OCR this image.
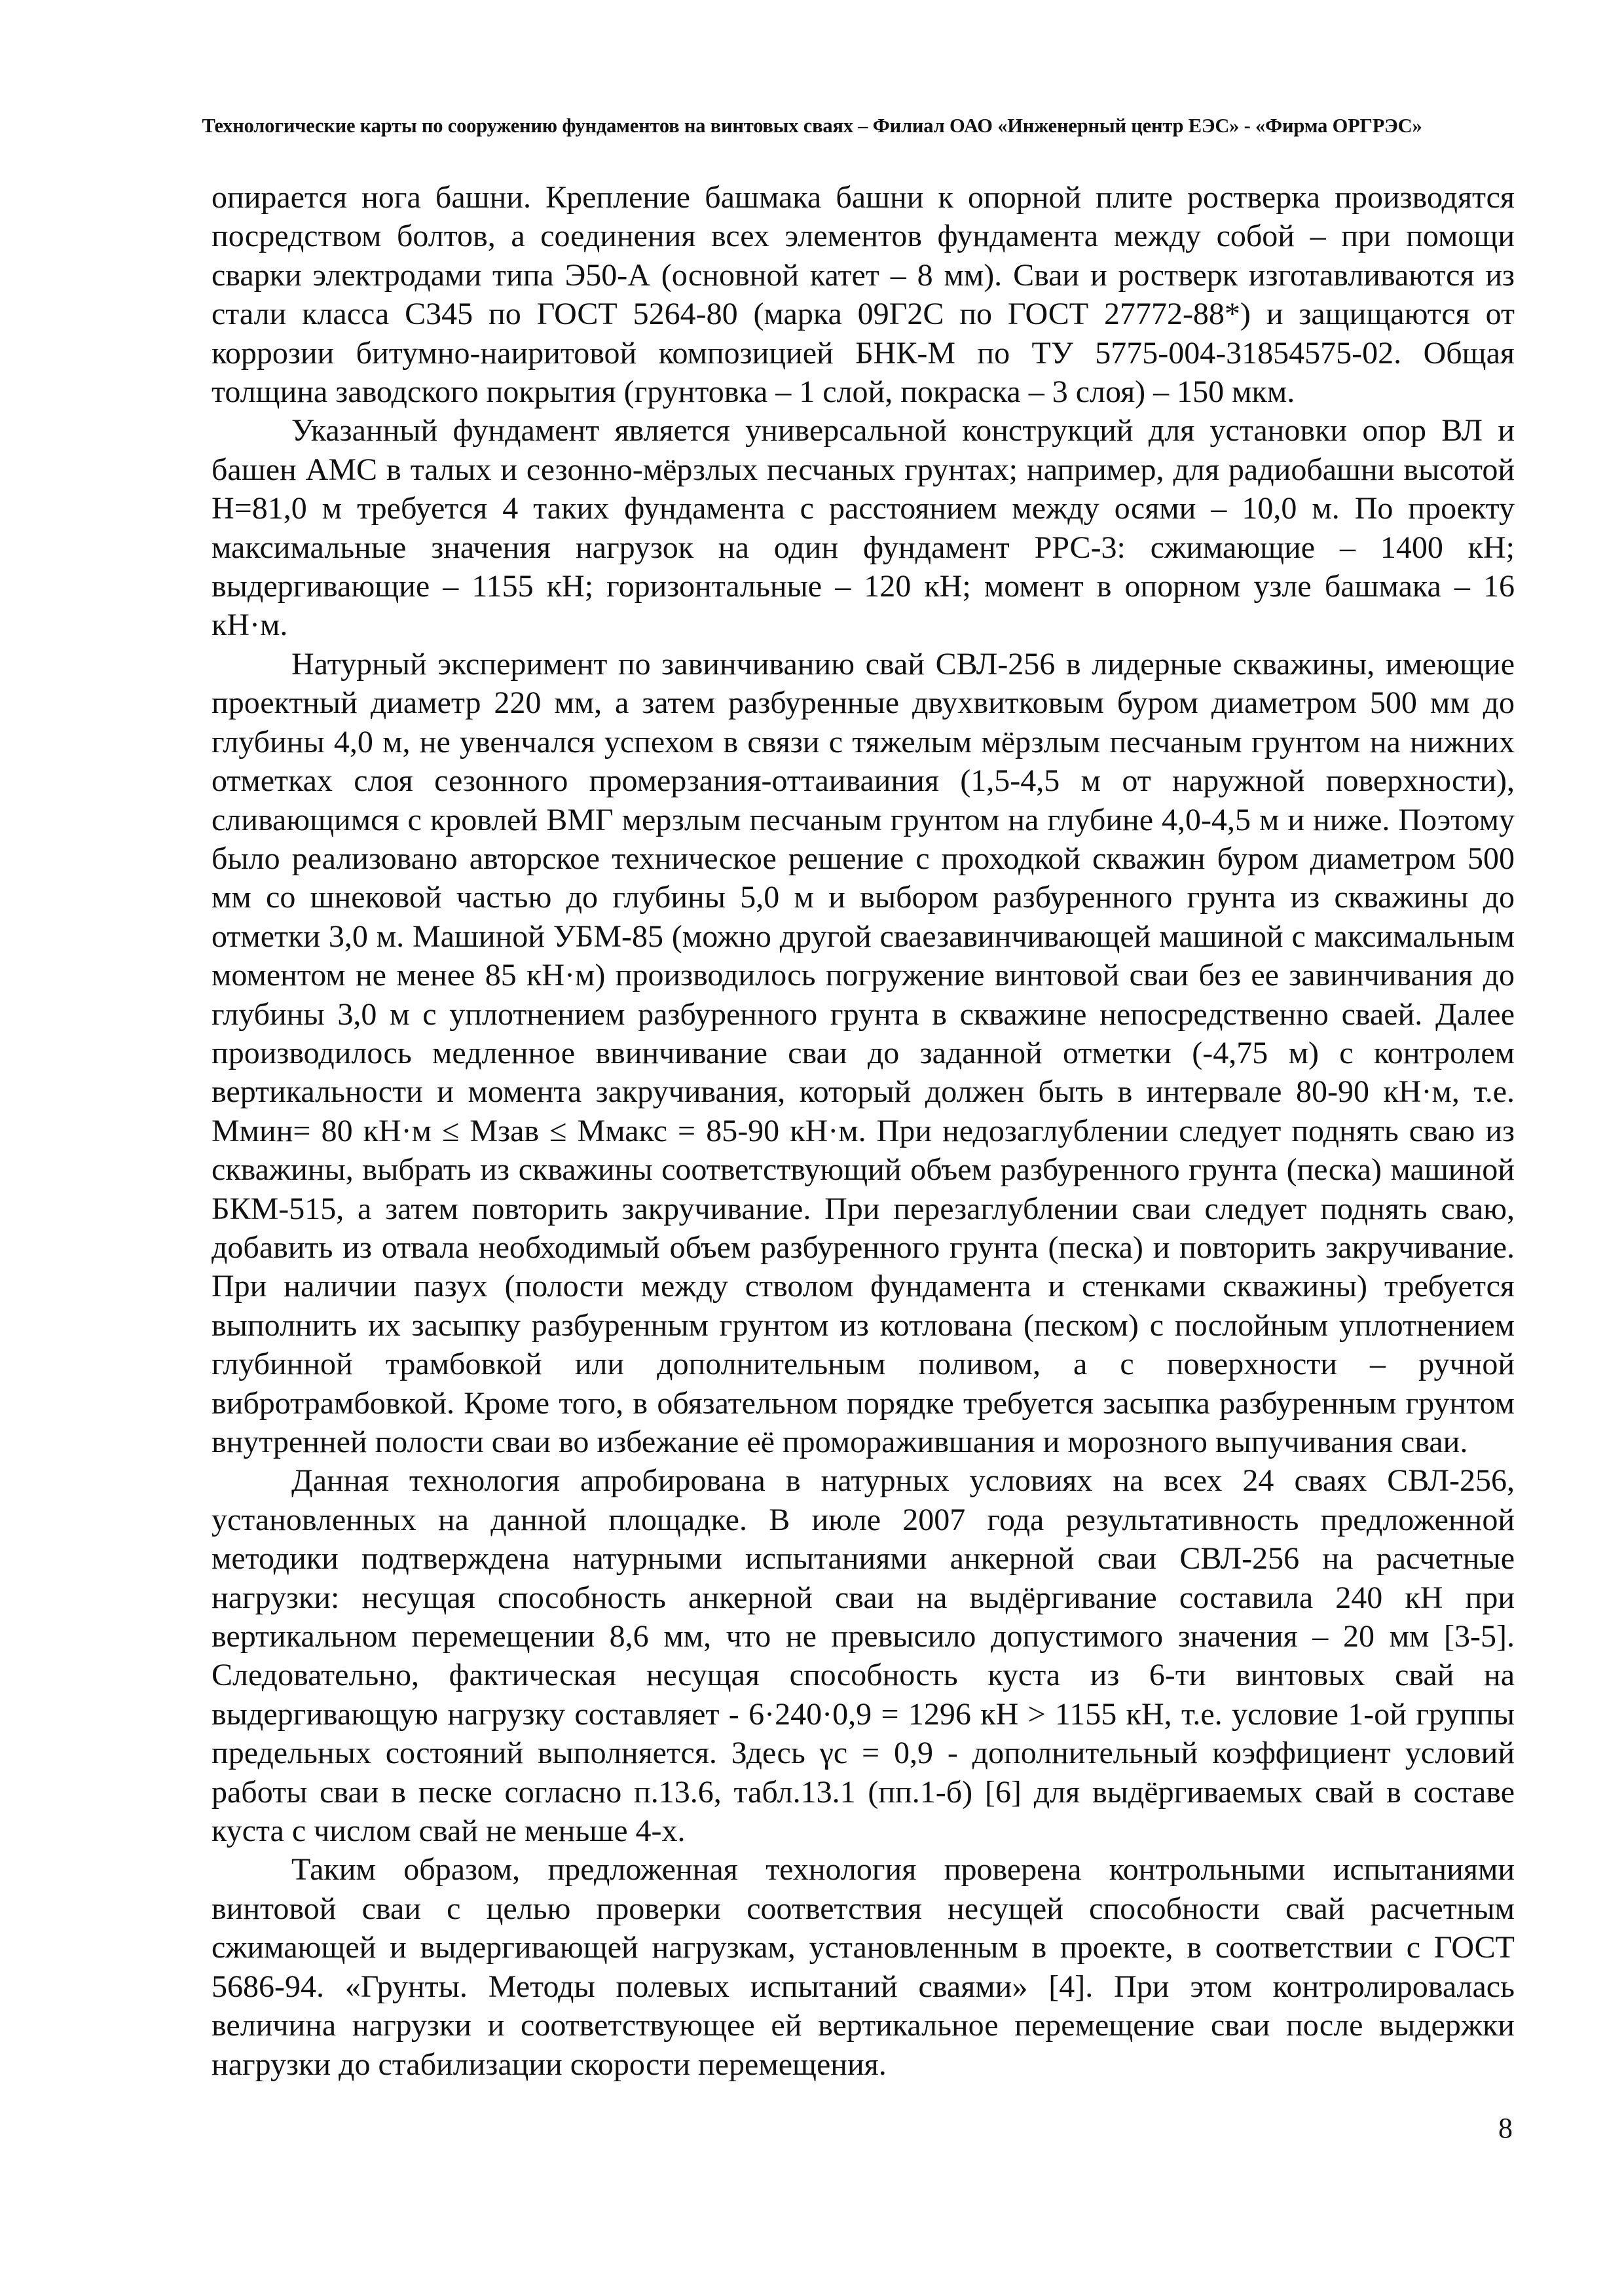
Технологические карты по сооружению фундаментов на винтовых сваях – Филиал ОАО «Инженерный центр ЕЭС» - «Фирма ОРГРЭС»

опирается нога башни. Крепление башмака башни к опорной плите ростверка производятся посредством болтов, а соединения всех элементов фундамента между собой – при помощи сварки электродами типа Э50-А (основной катет – 8 мм). Сваи и ростверк изготавливаются из стали класса С345 по ГОСТ 5264-80 (марка 09Г2С по ГОСТ 27772-88*) и защищаются от коррозии битумно-наиритовой композицией БНК-М по ТУ 5775-004-31854575-02. Общая толщина заводского покрытия (грунтовка – 1 слой, покраска – 3 слоя) – 150 мкм.

Указанный фундамент является универсальной конструкций для установки опор ВЛ и башен АМС в талых и сезонно-мёрзлых песчаных грунтах; например, для радиобашни высотой Н=81,0 м требуется 4 таких фундамента с расстоянием между осями – 10,0 м. По проекту максимальные значения нагрузок на один фундамент РРС-3: сжимающие – 1400 кН; выдергивающие – 1155 кН; горизонтальные – 120 кН; момент в опорном узле башмака – 16 кН·м.

Натурный эксперимент по завинчиванию свай СВЛ-256 в лидерные скважины, имеющие проектный диаметр 220 мм, а затем разбуренные двухвитковым буром диаметром 500 мм до глубины 4,0 м, не увенчался успехом в связи с тяжелым мёрзлым песчаным грунтом на нижних отметках слоя сезонного промерзания-оттаиваиния (1,5-4,5 м от наружной поверхности), сливающимся с кровлей ВМГ мерзлым песчаным грунтом на глубине 4,0-4,5 м и ниже. Поэтому было реализовано авторское техническое решение с проходкой скважин буром диаметром 500 мм со шнековой частью до глубины 5,0 м и выбором разбуренного грунта из скважины до отметки 3,0 м. Машиной УБМ-85 (можно другой сваезавинчивающей машиной с максимальным моментом не менее 85 кН·м) производилось погружение винтовой сваи без ее завинчивания до глубины 3,0 м с уплотнением разбуренного грунта в скважине непосредственно сваей. Далее производилось медленное ввинчивание сваи до заданной отметки (-4,75 м) с контролем вертикальности и момента закручивания, который должен быть в интервале 80-90 кН·м, т.е. Mмин= 80 кН·м ≤ Mзав ≤ Mмакс = 85-90 кН·м. При недозаглублении следует поднять сваю из скважины, выбрать из скважины соответствующий объем разбуренного грунта (песка) машиной БКМ-515, а затем повторить закручивание. При перезаглублении сваи следует поднять сваю, добавить из отвала необходимый объем разбуренного грунта (песка) и повторить закручивание. При наличии пазух (полости между стволом фундамента и стенками скважины) требуется выполнить их засыпку разбуренным грунтом из котлована (песком) с послойным уплотнением глубинной трамбовкой или дополнительным поливом, а с поверхности – ручной вибротрамбовкой. Кроме того, в обязательном порядке требуется засыпка разбуренным грунтом внутренней полости сваи во избежание её проморажившания и морозного выпучивания сваи.

Данная технология апробирована в натурных условиях на всех 24 сваях СВЛ-256, установленных на данной площадке. В июле 2007 года результативность предложенной методики подтверждена натурными испытаниями анкерной сваи СВЛ-256 на расчетные нагрузки: несущая способность анкерной сваи на выдёргивание составила 240 кН при вертикальном перемещении 8,6 мм, что не превысило допустимого значения – 20 мм [3-5]. Следовательно, фактическая несущая способность куста из 6-ти винтовых свай на выдергивающую нагрузку составляет - 6·240·0,9 = 1296 кН > 1155 кН, т.е. условие 1-ой группы предельных состояний выполняется. Здесь γс = 0,9 - дополнительный коэффициент условий работы сваи в песке согласно п.13.6, табл.13.1 (пп.1-б) [6] для выдёргиваемых свай в составе куста с числом свай не меньше 4-х.

Таким образом, предложенная технология проверена контрольными испытаниями винтовой сваи с целью проверки соответствия несущей способности свай расчетным сжимающей и выдергивающей нагрузкам, установленным в проекте, в соответствии с ГОСТ 5686-94. «Грунты. Методы полевых испытаний сваями» [4]. При этом контролировалась величина нагрузки и соответствующее ей вертикальное перемещение сваи после выдержки нагрузки до стабилизации скорости перемещения.

8
